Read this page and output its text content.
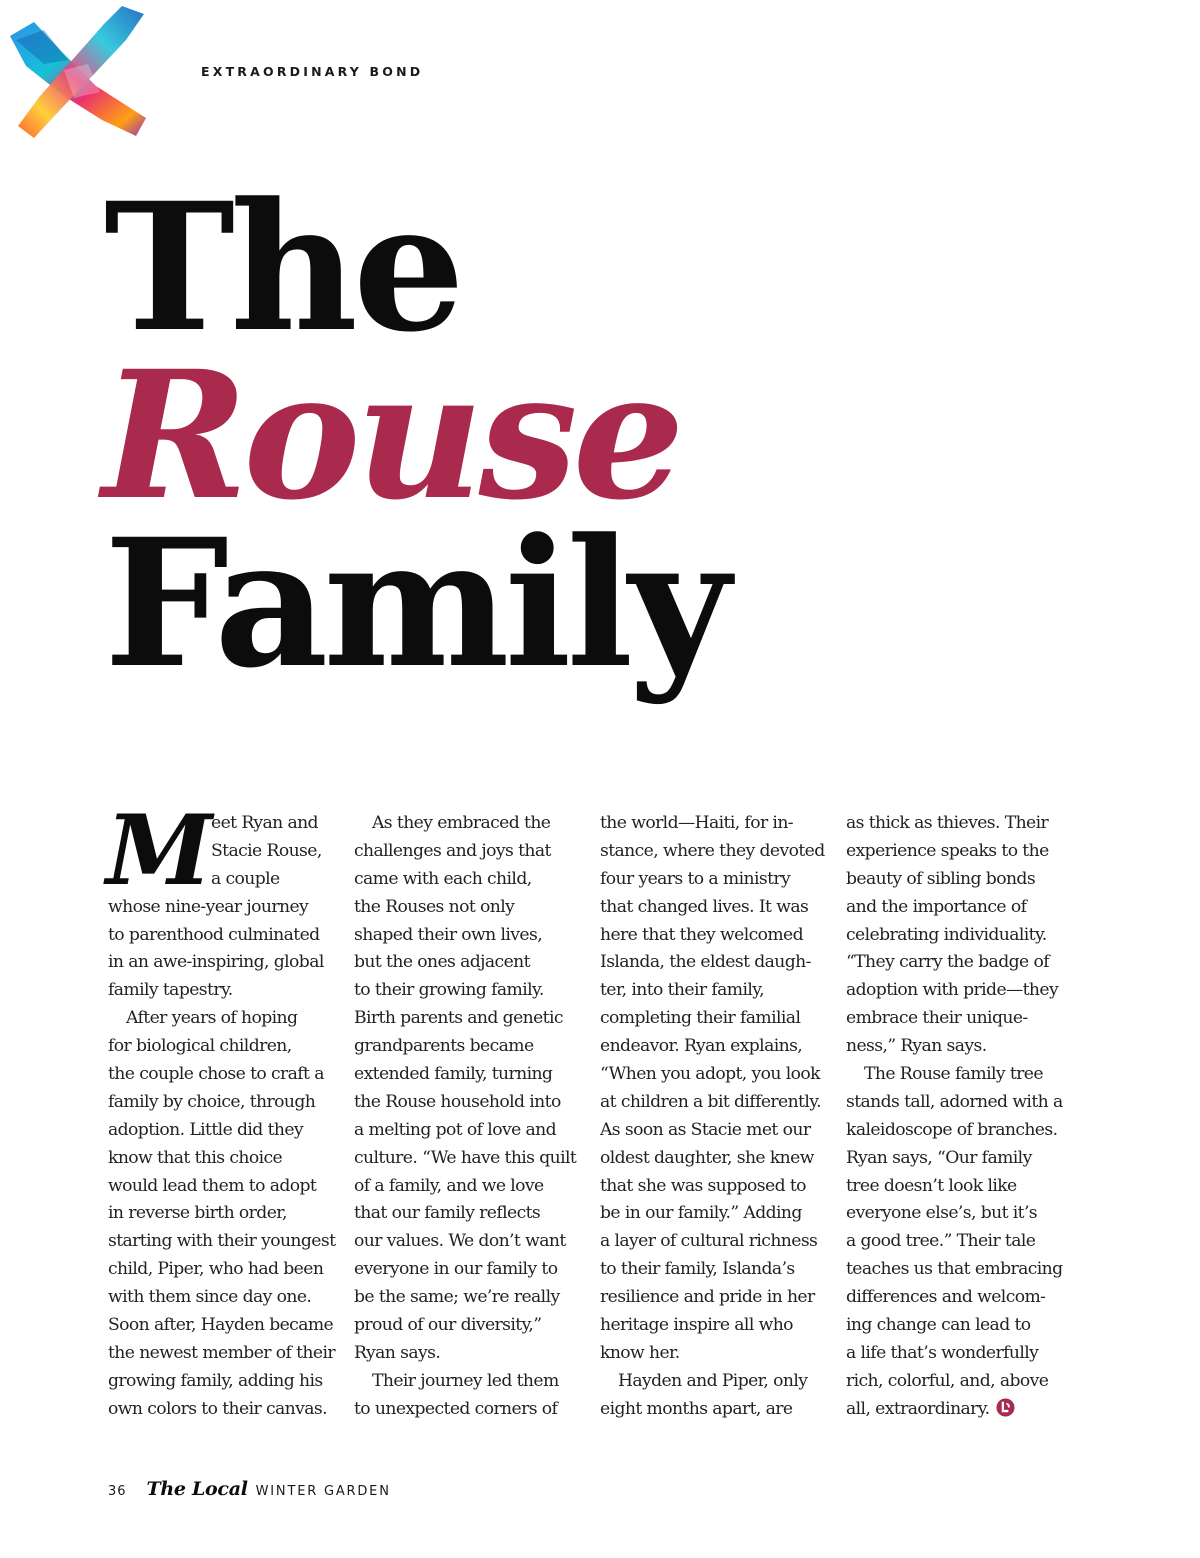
EXTRAORDINARY BOND

The
Rouse
Family
M eet Ryan and
Stacie Rouse,
a couple
whose nine-year journey
to parenthood culminated
in an awe-inspiring, global
family tapestry.
After years of hoping
for biological children,
the couple chose to craft a
family by choice, through
adoption. Little did they
know that this choice
would lead them to adopt
in reverse birth order,
starting with their youngest
child, Piper, who had been
with them since day one.
Soon after, Hayden became
the newest member of their
growing family, adding his
own colors to their canvas.
As they embraced the
challenges and joys that
came with each child,
the Rouses not only
shaped their own lives,
but the ones adjacent
to their growing family.
Birth parents and genetic
grandparents became
extended family, turning
the Rouse household into
a melting pot of love and
culture. “We have this quilt
of a family, and we love
that our family reflects
our values. We don’t want
everyone in our family to
be the same; we’re really
proud of our diversity,”
Ryan says.
Their journey led them
to unexpected corners of
the world—Haiti, for in-
stance, where they devoted
four years to a ministry
that changed lives. It was
here that they welcomed
Islanda, the eldest daugh-
ter, into their family,
completing their familial
endeavor. Ryan explains,
“When you adopt, you look
at children a bit differently.
As soon as Stacie met our
oldest daughter, she knew
that she was supposed to
be in our family.” Adding
a layer of cultural richness
to their family, Islanda’s
resilience and pride in her
heritage inspire all who
know her.
Hayden and Piper, only
eight months apart, are
as thick as thieves. Their
experience speaks to the
beauty of sibling bonds
and the importance of
celebrating individuality.
“They carry the badge of
adoption with pride—they
embrace their unique-
ness,” Ryan says.
The Rouse family tree
stands tall, adorned with a
kaleidoscope of branches.
Ryan says, “Our family
tree doesn’t look like
everyone else’s, but it’s
a good tree.” Their tale
teaches us that embracing
differences and welcom-
ing change can lead to
a life that’s wonderfully
rich, colorful, and, above
all, extraordinary.
36 The Local WINTER GARDEN
